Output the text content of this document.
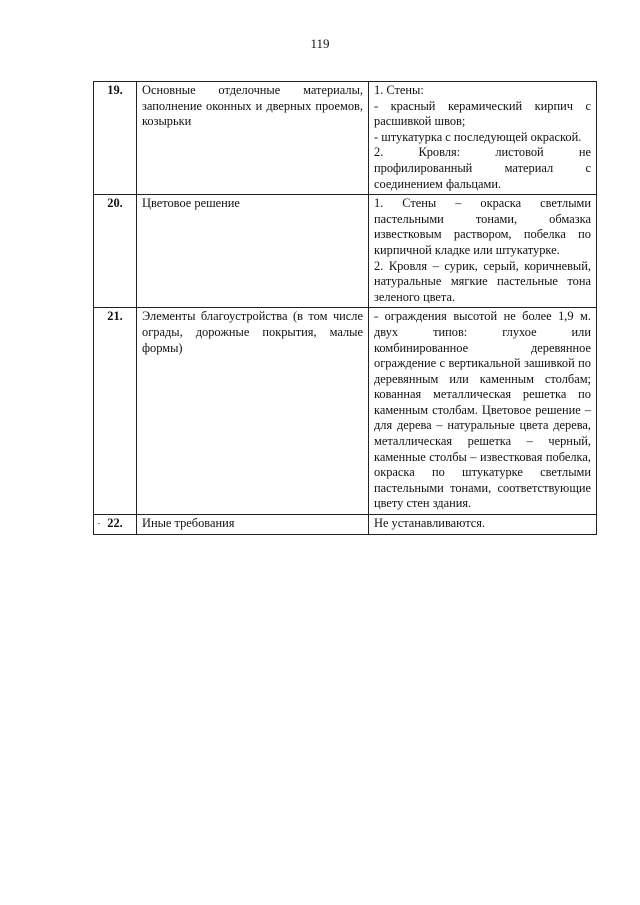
119
19.	Основные отделочные материалы, заполнение оконных и дверных проемов, козырьки	1. Стены:

- красный керамический кирпич с расшивкой швов;

- штукатурка с последующей окраской.

2. Кровля: листовой не профилированный материал с соединением фальцами.

20.	Цветовое решение	1. Стены – окраска светлыми пастельными тонами, обмазка известковым раствором, побелка по кирпичной кладке или штукатурке.

2. Кровля – сурик, серый, коричневый, натуральные мягкие пастельные тона зеленого цвета.

21.	Элементы благоустройства (в том числе ограды, дорожные покрытия, малые формы)	- ограждения высотой не более 1,9 м. двух типов: глухое или комбинированное деревянное ограждение с вертикальной зашивкой по деревянным или каменным столбам; кованная металлическая решетка по каменным столбам. Цветовое решение – для дерева – натуральные цвета дерева, металлическая решетка – черный, каменные столбы – известковая побелка, окраска по штукатурке светлыми пастельными тонами, соответствующие цвету стен здания.

22.	Иные требования	Не устанавливаются.
